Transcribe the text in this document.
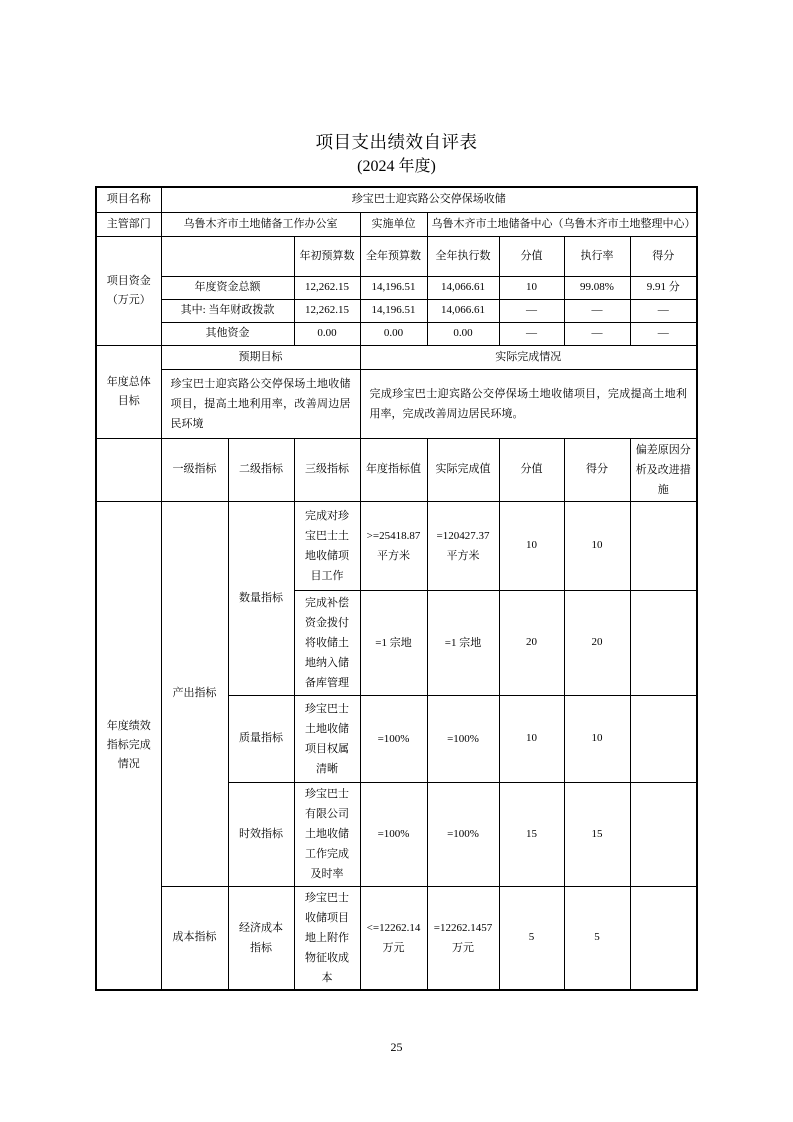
项目支出绩效自评表
(2024 年度)
项目名称	珍宝巴士迎宾路公交停保场收储							
主管部门	乌鲁木齐市土地储备工作办公室			实施单位	乌鲁木齐市土地储备中心（乌鲁木齐市土地整理中心）			
项目资金（万元）			年初预算数	全年预算数	全年执行数	分值	执行率	得分
	年度资金总额		12,262.15	14,196.51	14,066.61	10	99.08%	9.91 分
	其中: 当年财政拨款		12,262.15	14,196.51	14,066.61	—	—	—
	其他资金		0.00	0.00	0.00	—	—	—
年度总体目标	预期目标			实际完成情况				
	珍宝巴士迎宾路公交停保场土地收储项目，提高土地利用率，改善周边居民环境			完成珍宝巴士迎宾路公交停保场土地收储项目，完成提高土地利用率，完成改善周边居民环境。				
	一级指标	二级指标	三级指标	年度指标值	实际完成值	分值	得分	偏差原因分析及改进措施
年度绩效指标完成情况	产出指标	数量指标	完成对珍宝巴士土地收储项目工作	>=25418.87 平方米	=120427.37 平方米	10	10	
			完成补偿资金拨付将收储土地纳入储备库管理	=1 宗地	=1 宗地	20	20	
		质量指标	珍宝巴士土地收储项目权属清晰	=100%	=100%	10	10	
		时效指标	珍宝巴士有限公司土地收储工作完成及时率	=100%	=100%	15	15	
	成本指标	经济成本指标	珍宝巴士收储项目地上附作物征收成本	<=12262.14 万元	=12262.1457 万元	5	5	
25
